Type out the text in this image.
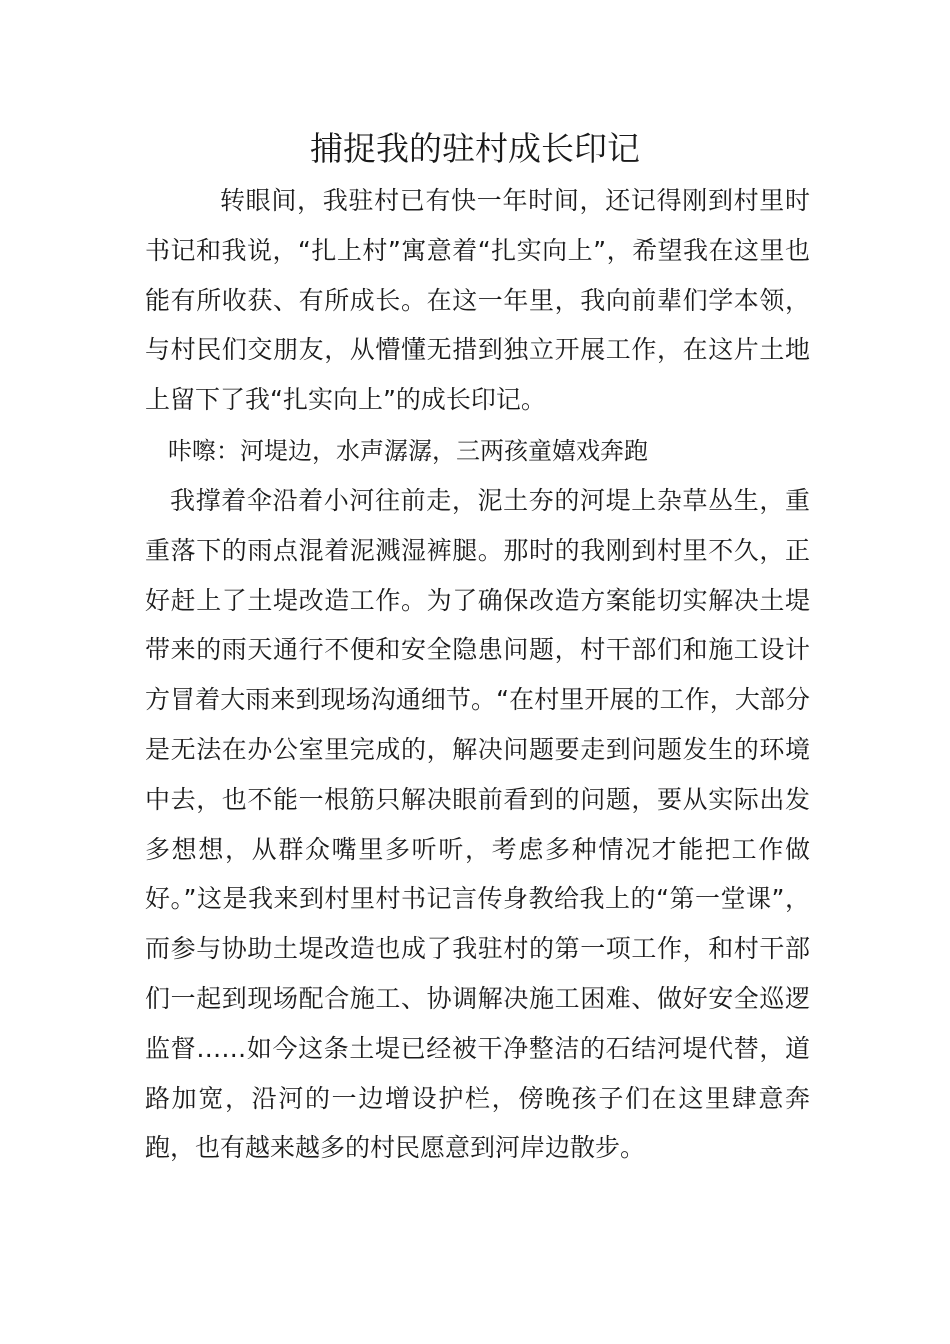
捕捉我的驻村成长印记

转眼间，我驻村已有快一年时间，还记得刚到村里时书记和我说，“扎上村”寓意着“扎实向上”，希望我在这里也能有所收获、有所成长。在这一年里，我向前辈们学本领，与村民们交朋友，从懵懂无措到独立开展工作，在这片土地上留下了我“扎实向上”的成长印记。

咔嚓：河堤边，水声潺潺，三两孩童嬉戏奔跑

我撑着伞沿着小河往前走，泥土夯的河堤上杂草丛生，重重落下的雨点混着泥溅湿裤腿。那时的我刚到村里不久，正好赶上了土堤改造工作。为了确保改造方案能切实解决土堤带来的雨天通行不便和安全隐患问题，村干部们和施工设计方冒着大雨来到现场沟通细节。“在村里开展的工作，大部分是无法在办公室里完成的，解决问题要走到问题发生的环境中去，也不能一根筋只解决眼前看到的问题，要从实际出发多想想，从群众嘴里多听听，考虑多种情况才能把工作做好。”这是我来到村里村书记言传身教给我上的“第一堂课”，而参与协助土堤改造也成了我驻村的第一项工作，和村干部们一起到现场配合施工、协调解决施工困难、做好安全巡逻监督……如今这条土堤已经被干净整洁的石结河堤代替，道路加宽，沿河的一边增设护栏，傍晚孩子们在这里肆意奔跑，也有越来越多的村民愿意到河岸边散步。
